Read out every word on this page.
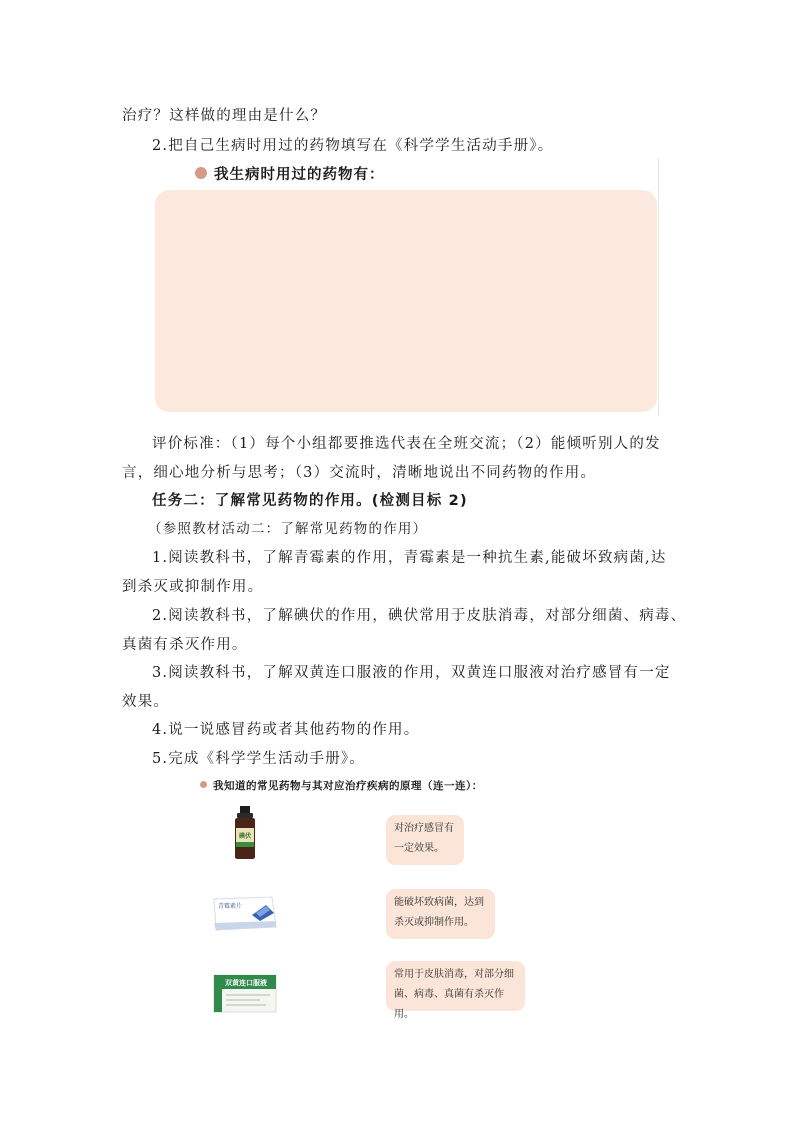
治疗？这样做的理由是什么？
2.把自己生病时用过的药物填写在《科学学生活动手册》。
我生病时用过的药物有：
评价标准：（1）每个小组都要推选代表在全班交流；（2）能倾听别人的发
言，细心地分析与思考；（3）交流时，清晰地说出不同药物的作用。
任务二：了解常见药物的作用。(检测目标 2)
（参照教材活动二：了解常见药物的作用）
1.阅读教科书，了解青霉素的作用，青霉素是一种抗生素,能破坏致病菌,达
到杀灭或抑制作用。
2.阅读教科书，了解碘伏的作用，碘伏常用于皮肤消毒，对部分细菌、病毒、
真菌有杀灭作用。
3.阅读教科书，了解双黄连口服液的作用，双黄连口服液对治疗感冒有一定
效果。
4.说一说感冒药或者其他药物的作用。
5.完成《科学学生活动手册》。
我知道的常见药物与其对应治疗疾病的原理（连一连）：
碘伏
青霉素片
双黄连口服液
对治疗感冒有
一定效果。
能破坏致病菌，达到
杀灭或抑制作用。
常用于皮肤消毒，对部分细
菌、病毒、真菌有杀灭作用。
